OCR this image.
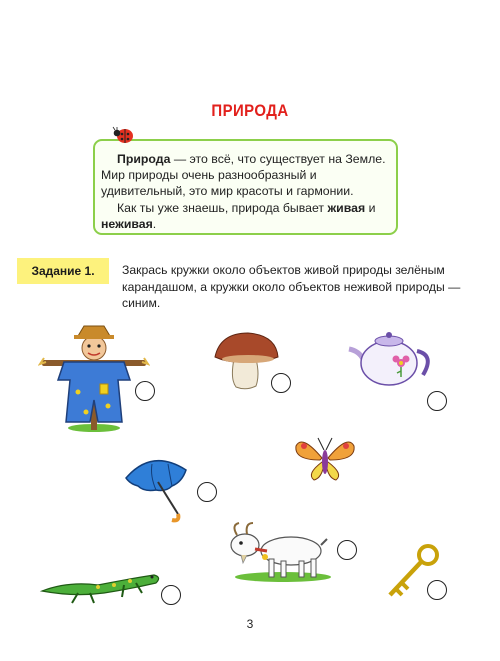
ПРИРОДА

Природа — это всё, что существует на Земле. Мир природы очень разнообразный и удивительный, это мир красоты и гармонии.

Как ты уже знаешь, природа бывает живая и неживая.

Задание 1.	Закрась кружки около объектов живой природы зелёным карандашом, а кружки около объектов неживой природы — синим.
3
